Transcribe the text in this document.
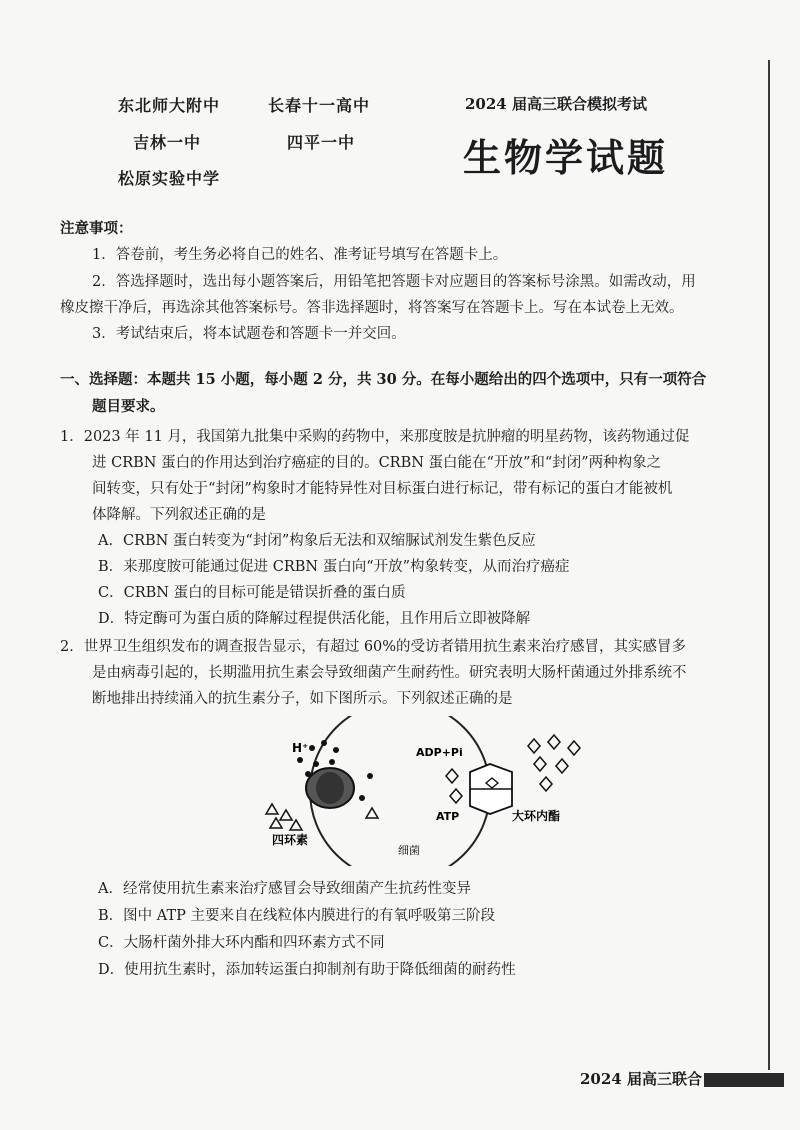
东北师大附中	长春十一高中
吉林一中	四平一中
松原实验中学
2024 届高三联合模拟考试
生物学试题
注意事项：
1．答卷前，考生务必将自己的姓名、准考证号填写在答题卡上。
2．答选择题时，选出每小题答案后，用铅笔把答题卡对应题目的答案标号涂黑。如需改动，用
橡皮擦干净后，再选涂其他答案标号。答非选择题时，将答案写在答题卡上。写在本试卷上无效。
3．考试结束后，将本试题卷和答题卡一并交回。
一、选择题：本题共 15 小题，每小题 2 分，共 30 分。在每小题给出的四个选项中，只有一项符合
题目要求。
1．2023 年 11 月，我国第九批集中采购的药物中，来那度胺是抗肿瘤的明星药物，该药物通过促
进 CRBN 蛋白的作用达到治疗癌症的目的。CRBN 蛋白能在“开放”和“封闭”两种构象之
间转变，只有处于“封闭”构象时才能特异性对目标蛋白进行标记，带有标记的蛋白才能被机
体降解。下列叙述正确的是
A．CRBN 蛋白转变为“封闭”构象后无法和双缩脲试剂发生紫色反应
B．来那度胺可能通过促进 CRBN 蛋白向“开放”构象转变，从而治疗癌症
C．CRBN 蛋白的目标可能是错误折叠的蛋白质
D．特定酶可为蛋白质的降解过程提供活化能，且作用后立即被降解
2．世界卫生组织发布的调查报告显示，有超过 60%的受访者错用抗生素来治疗感冒，其实感冒多
是由病毒引起的，长期滥用抗生素会导致细菌产生耐药性。研究表明大肠杆菌通过外排系统不
断地排出持续涌入的抗生素分子，如下图所示。下列叙述正确的是
H⁺
四环素
细菌
ADP+Pi
ATP	大环内酯
A．经常使用抗生素来治疗感冒会导致细菌产生抗药性变异
B．图中 ATP 主要来自在线粒体内膜进行的有氧呼吸第三阶段
C．大肠杆菌外排大环内酯和四环素方式不同
D．使用抗生素时，添加转运蛋白抑制剂有助于降低细菌的耐药性
2024 届高三联合
